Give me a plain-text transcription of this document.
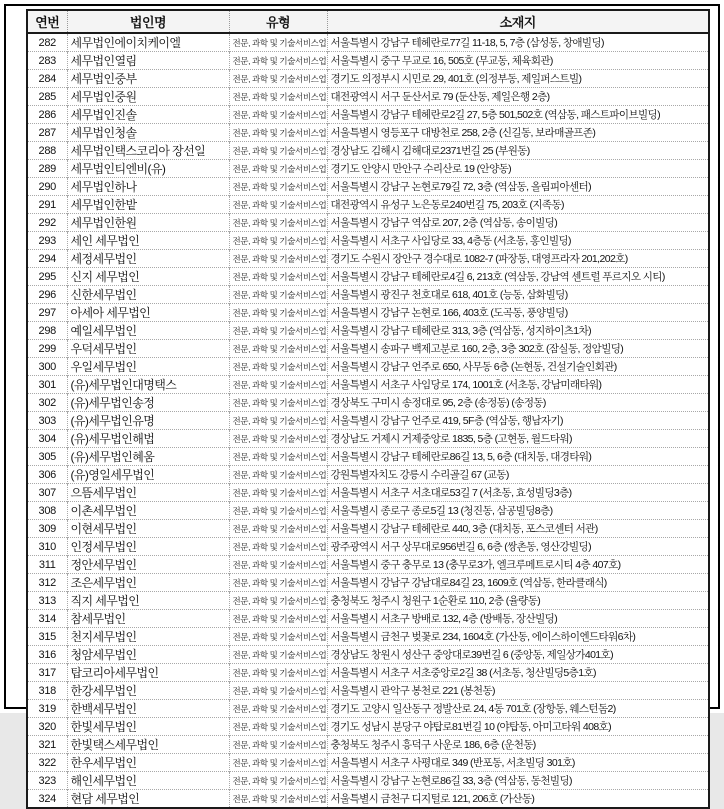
연번	법인명	유형	소재지
282	세무법인에이치케이엘	전문, 과학 및 기술서비스업	서울특별시 강남구 테헤란로77길 11-18, 5, 7층 (삼성동, 창애빌딩)
283	세무법인열림	전문, 과학 및 기술서비스업	서울특별시 중구 무교로 16, 505호 (무교동, 체육회관)
284	세무법인중부	전문, 과학 및 기술서비스업	경기도 의정부시 시민로 29, 401호 (의정부동, 제일퍼스트빌)
285	세무법인중원	전문, 과학 및 기술서비스업	대전광역시 서구 둔산서로 79 (둔산동, 제일은행 2층)
286	세무법인진솔	전문, 과학 및 기술서비스업	서울특별시 강남구 테헤란로2길 27, 5층 501,502호 (역삼동, 패스트파이브빌딩)
287	세무법인청솔	전문, 과학 및 기술서비스업	서울특별시 영등포구 대방천로 258, 2층 (신길동, 보라매골프존)
288	세무법인택스코리아 장선일	전문, 과학 및 기술서비스업	경상남도 김해시 김해대로2371번길 25 (부원동)
289	세무법인티엔비(유)	전문, 과학 및 기술서비스업	경기도 안양시 만안구 수리산로 19 (안양동)
290	세무법인하나	전문, 과학 및 기술서비스업	서울특별시 강남구 논현로79길 72, 3층 (역삼동, 올림피아센터)
291	세무법인한밭	전문, 과학 및 기술서비스업	대전광역시 유성구 노은동로240번길 75, 203호 (지족동)
292	세무법인한원	전문, 과학 및 기술서비스업	서울특별시 강남구 역삼로 207, 2층 (역삼동, 송이빌딩)
293	세인 세무법인	전문, 과학 및 기술서비스업	서울특별시 서초구 사임당로 33, 4층동 (서초동, 홍인빌딩)
294	세정세무법인	전문, 과학 및 기술서비스업	경기도 수원시 장안구 경수대로 1082-7 (파장동, 대영프라자 201,202호)
295	신지 세무법인	전문, 과학 및 기술서비스업	서울특별시 강남구 테헤란로4길 6, 213호 (역삼동, 강남역 센트럴 푸르지오 시티)
296	신한세무법인	전문, 과학 및 기술서비스업	서울특별시 광진구 천호대로 618, 401호 (능동, 삼화빌딩)
297	아세아 세무법인	전문, 과학 및 기술서비스업	서울특별시 강남구 논현로 166, 403호 (도곡동, 풍양빌딩)
298	예일세무법인	전문, 과학 및 기술서비스업	서울특별시 강남구 테헤란로 313, 3층 (역삼동, 성지하이츠1차)
299	우덕세무법인	전문, 과학 및 기술서비스업	서울특별시 송파구 백제고분로 160, 2층, 3층 302호 (잠실동, 정암빌딩)
300	우일세무법인	전문, 과학 및 기술서비스업	서울특별시 강남구 언주로 650, 사무동 6층 (논현동, 건설기술인회관)
301	(유)세무법인대명택스	전문, 과학 및 기술서비스업	서울특별시 서초구 사임당로 174, 1001호 (서초동, 강남미래타워)
302	(유)세무법인송정	전문, 과학 및 기술서비스업	경상북도 구미시 송정대로 95, 2층 (송정동) (송정동)
303	(유)세무법인유명	전문, 과학 및 기술서비스업	서울특별시 강남구 언주로 419, 5F층 (역삼동, 행남자기)
304	(유)세무법인해법	전문, 과학 및 기술서비스업	경상남도 거제시 거제중앙로 1835, 5층 (고현동, 월드타워)
305	(유)세무법인혜움	전문, 과학 및 기술서비스업	서울특별시 강남구 테헤란로86길 13, 5, 6층 (대치동, 대경타워)
306	(유)영일세무법인	전문, 과학 및 기술서비스업	강원특별자치도 강릉시 수리골길 67 (교동)
307	으뜸세무법인	전문, 과학 및 기술서비스업	서울특별시 서초구 서초대로53길 7 (서초동, 효성빌딩3층)
308	이촌세무법인	전문, 과학 및 기술서비스업	서울특별시 종로구 종로5길 13 (청진동, 삼공빌딩8층)
309	이현세무법인	전문, 과학 및 기술서비스업	서울특별시 강남구 테헤란로 440, 3층 (대치동, 포스코센터 서관)
310	인정세무법인	전문, 과학 및 기술서비스업	광주광역시 서구 상무대로956번길 6, 6층 (쌍촌동, 영산강빌딩)
311	정안세무법인	전문, 과학 및 기술서비스업	서울특별시 중구 충무로 13 (충무로3가, 엘크루메트로시티 4층 407호)
312	조은세무법인	전문, 과학 및 기술서비스업	서울특별시 강남구 강남대로84길 23, 1609호 (역삼동, 한라클래식)
313	직지 세무법인	전문, 과학 및 기술서비스업	충청북도 청주시 청원구 1순환로 110, 2층 (율량동)
314	참세무법인	전문, 과학 및 기술서비스업	서울특별시 서초구 방배로 132, 4층 (방배동, 장산빌딩)
315	천지세무법인	전문, 과학 및 기술서비스업	서울특별시 금천구 벚꽃로 234, 1604호 (가산동, 에이스하이엔드타워6차)
316	청암세무법인	전문, 과학 및 기술서비스업	경상남도 창원시 성산구 중앙대로39번길 6 (중앙동, 제일상가401호)
317	탑코리아세무법인	전문, 과학 및 기술서비스업	서울특별시 서초구 서초중앙로2길 38 (서초동, 청산빌딩5층1호)
318	한강세무법인	전문, 과학 및 기술서비스업	서울특별시 관악구 봉천로 221 (봉천동)
319	한백세무법인	전문, 과학 및 기술서비스업	경기도 고양시 일산동구 정발산로 24, 4동 701호 (장항동, 웨스턴돔2)
320	한빛세무법인	전문, 과학 및 기술서비스업	경기도 성남시 분당구 야탑로81번길 10 (야탑동, 아미고타워 408호)
321	한빛택스세무법인	전문, 과학 및 기술서비스업	충청북도 청주시 흥덕구 사운로 186, 6층 (운천동)
322	한우세무법인	전문, 과학 및 기술서비스업	서울특별시 서초구 사평대로 349 (반포동, 서초빌딩 301호)
323	해인세무법인	전문, 과학 및 기술서비스업	서울특별시 강남구 논현로86길 33, 3층 (역삼동, 동천빌딩)
324	현담 세무법인	전문, 과학 및 기술서비스업	서울특별시 금천구 디지털로 121, 206호 (가산동)
